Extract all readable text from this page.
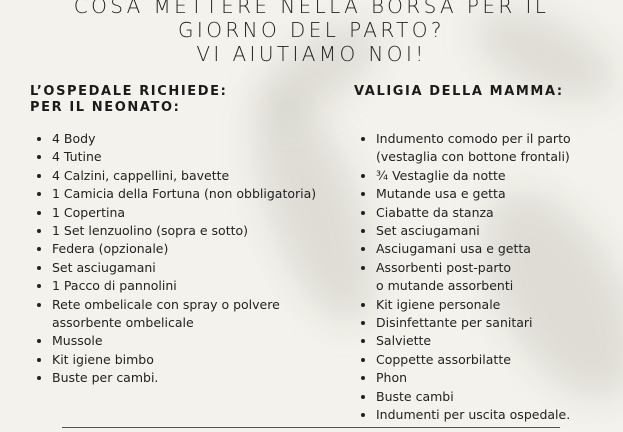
COSA METTERE NELLA BORSA PER IL
GIORNO DEL PARTO?
VI AIUTIAMO NOI!
L’OSPEDALE RICHIEDE:
PER IL NEONATO:
• 4 Body
• 4 Tutine
• 4 Calzini, cappellini, bavette
• 1 Camicia della Fortuna (non obbligatoria)
• 1 Copertina
• 1 Set lenzuolino (sopra e sotto)
• Federa (opzionale)
• Set asciugamani
• 1 Pacco di pannolini
• Rete ombelicale con spray o polvere
assorbente ombelicale
• Mussole
• Kit igiene bimbo
• Buste per cambi.
VALIGIA DELLA MAMMA:
• Indumento comodo per il parto
(vestaglia con bottone frontali)
• ¾ Vestaglie da notte
• Mutande usa e getta
• Ciabatte da stanza
• Set asciugamani
• Asciugamani usa e getta
• Assorbenti post-parto
o mutande assorbenti
• Kit igiene personale
• Disinfettante per sanitari
• Salviette
• Coppette assorbilatte
• Phon
• Buste cambi
• Indumenti per uscita ospedale.
